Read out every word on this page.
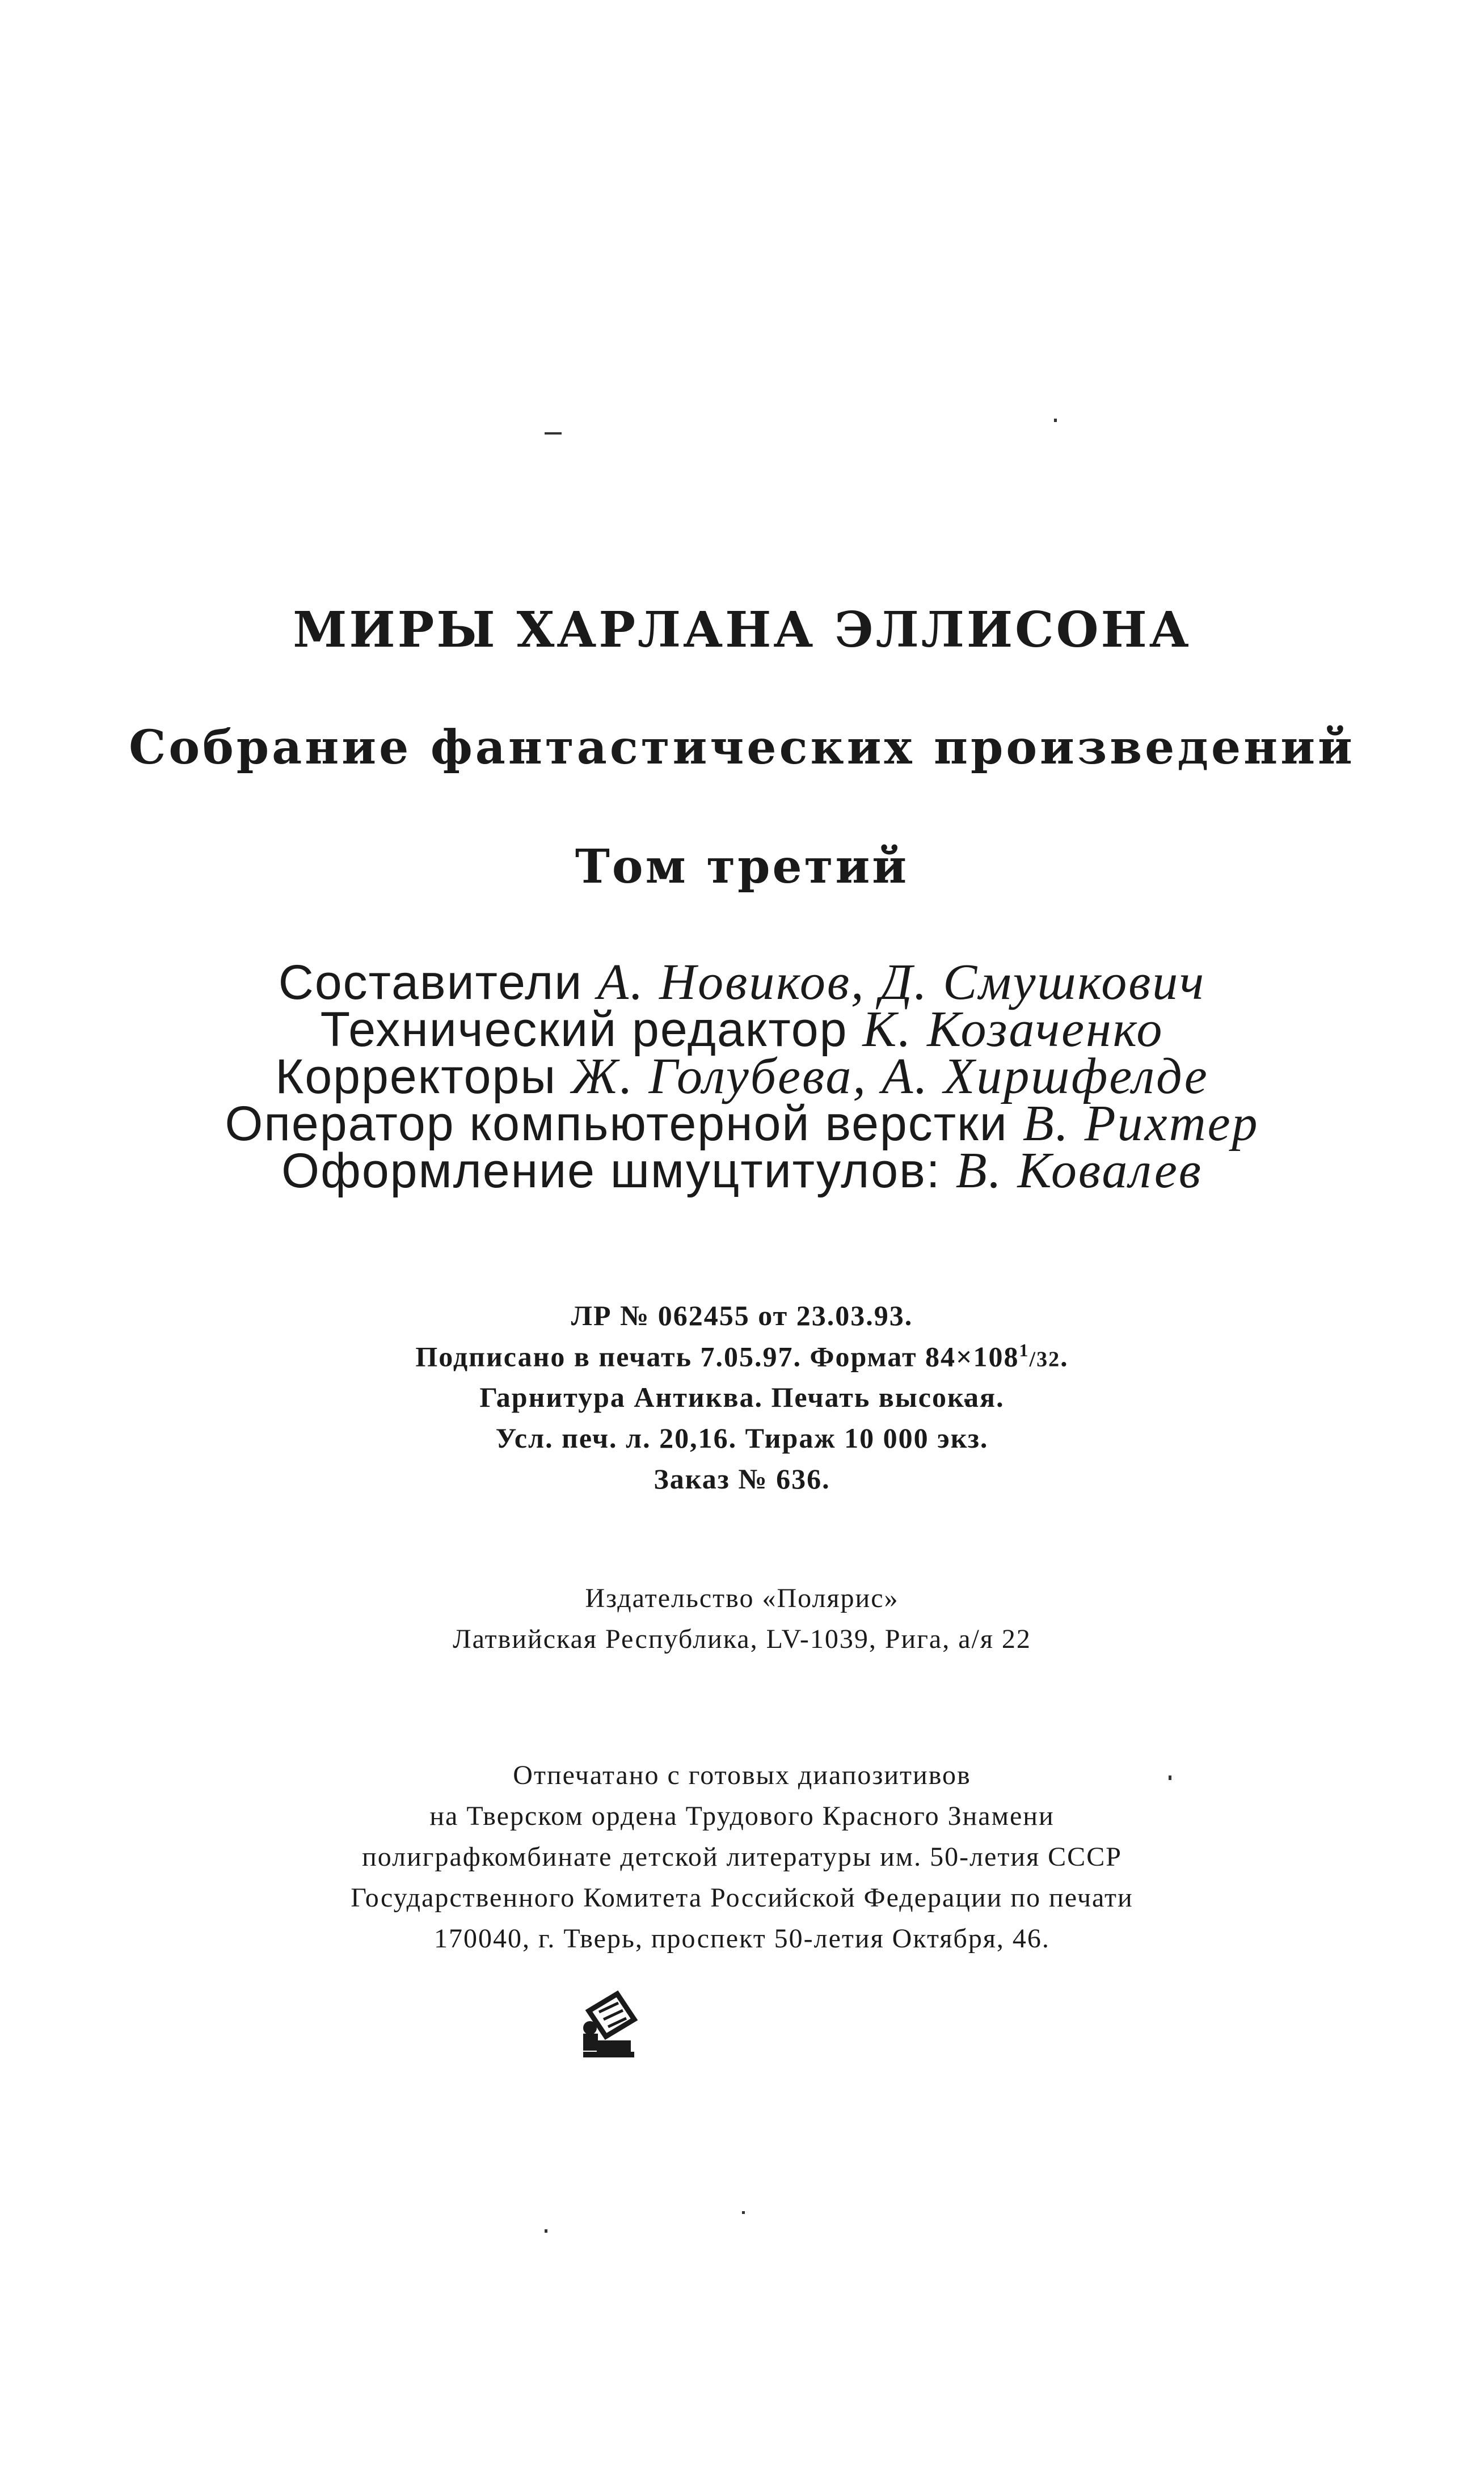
МИРЫ ХАРЛАНА ЭЛЛИСОНА
Собрание фантастических произведений
Том третий
Составители А. Новиков, Д. Смушкович
Технический редактор К. Козаченко
Корректоры Ж. Голубева, А. Хиршфелде
Оператор компьютерной верстки В. Рихтер
Оформление шмуцтитулов: В. Ковалев
ЛР № 062455 от 23.03.93.
Подписано в печать 7.05.97. Формат $84\times 108^1/32$.
Гарнитура Антиква. Печать высокая.
Усл. печ. л. 20,16. Тираж 10 000 экз.
Заказ № 636.
Издательство «Полярис»
Латвийская Республика, LV-1039, Рига, а/я 22
Отпечатано с готовых диапозитивов
на Тверском ордена Трудового Красного Знамени
полиграфкомбинате детской литературы им. 50-летия СССР
Государственного Комитета Российской Федерации по печати
170040, г. Тверь, проспект 50-летия Октября, 46.
